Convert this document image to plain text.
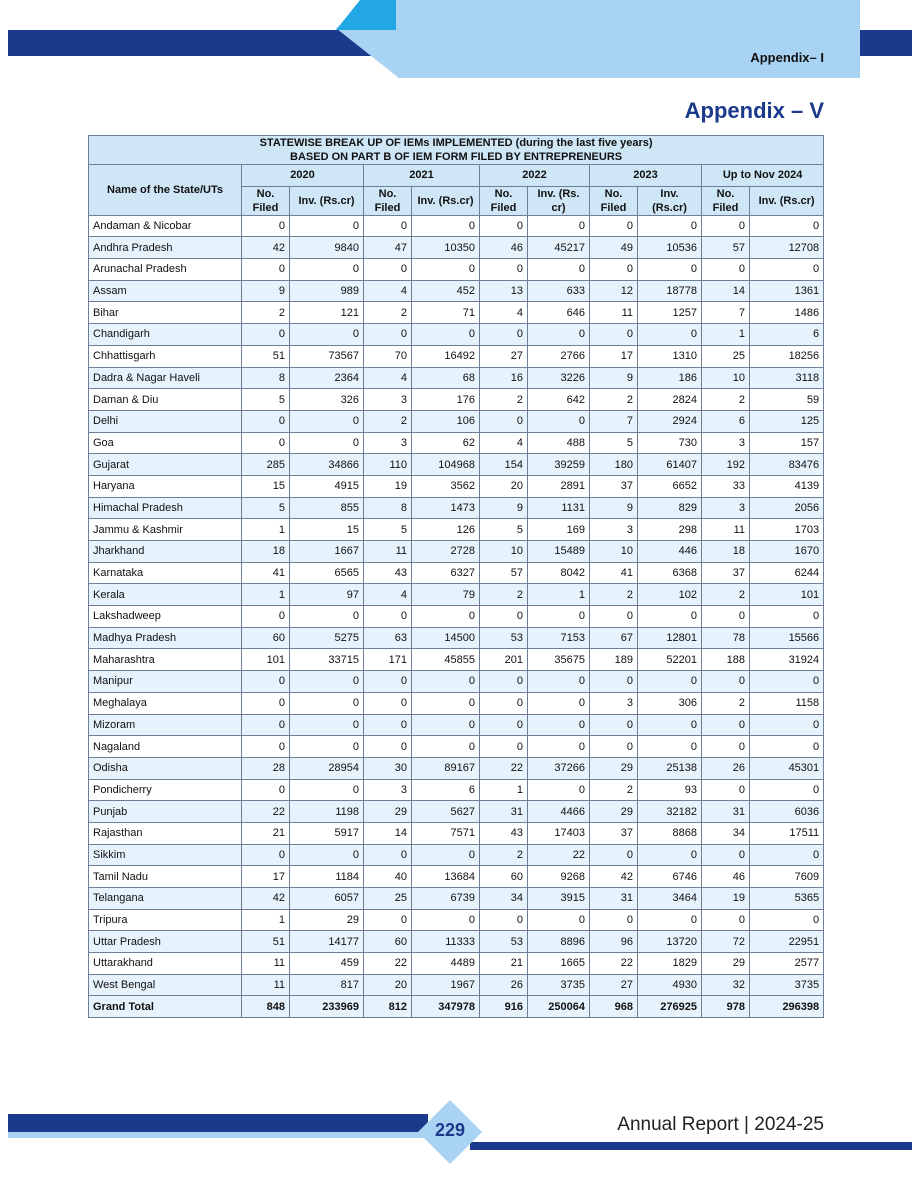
Appendix– I
Appendix – V
STATEWISE BREAK UP OF IEMs IMPLEMENTED (during the last five years)
BASED ON PART B OF IEM FORM FILED BY ENTREPRENEURS										

Name of the State/UTs	2020		2021		2022		2023		Up to Nov 2024	
	No. Filed	Inv. (Rs.cr)	No. Filed	Inv. (Rs.cr)	No. Filed	Inv. (Rs. cr)	No. Filed	Inv. (Rs.cr)	No. Filed	Inv. (Rs.cr)
Andaman & Nicobar	0	0	0	0	0	0	0	0	0	0
Andhra Pradesh	42	9840	47	10350	46	45217	49	10536	57	12708
Arunachal Pradesh	0	0	0	0	0	0	0	0	0	0
Assam	9	989	4	452	13	633	12	18778	14	1361
Bihar	2	121	2	71	4	646	11	1257	7	1486
Chandigarh	0	0	0	0	0	0	0	0	1	6
Chhattisgarh	51	73567	70	16492	27	2766	17	1310	25	18256
Dadra & Nagar Haveli	8	2364	4	68	16	3226	9	186	10	3118
Daman & Diu	5	326	3	176	2	642	2	2824	2	59
Delhi	0	0	2	106	0	0	7	2924	6	125
Goa	0	0	3	62	4	488	5	730	3	157
Gujarat	285	34866	110	104968	154	39259	180	61407	192	83476
Haryana	15	4915	19	3562	20	2891	37	6652	33	4139
Himachal Pradesh	5	855	8	1473	9	1131	9	829	3	2056
Jammu & Kashmir	1	15	5	126	5	169	3	298	11	1703
Jharkhand	18	1667	11	2728	10	15489	10	446	18	1670
Karnataka	41	6565	43	6327	57	8042	41	6368	37	6244
Kerala	1	97	4	79	2	1	2	102	2	101
Lakshadweep	0	0	0	0	0	0	0	0	0	0
Madhya Pradesh	60	5275	63	14500	53	7153	67	12801	78	15566
Maharashtra	101	33715	171	45855	201	35675	189	52201	188	31924
Manipur	0	0	0	0	0	0	0	0	0	0
Meghalaya	0	0	0	0	0	0	3	306	2	1158
Mizoram	0	0	0	0	0	0	0	0	0	0
Nagaland	0	0	0	0	0	0	0	0	0	0
Odisha	28	28954	30	89167	22	37266	29	25138	26	45301
Pondicherry	0	0	3	6	1	0	2	93	0	0
Punjab	22	1198	29	5627	31	4466	29	32182	31	6036
Rajasthan	21	5917	14	7571	43	17403	37	8868	34	17511
Sikkim	0	0	0	0	2	22	0	0	0	0
Tamil Nadu	17	1184	40	13684	60	9268	42	6746	46	7609
Telangana	42	6057	25	6739	34	3915	31	3464	19	5365
Tripura	1	29	0	0	0	0	0	0	0	0
Uttar Pradesh	51	14177	60	11333	53	8896	96	13720	72	22951
Uttarakhand	11	459	22	4489	21	1665	22	1829	29	2577
West Bengal	11	817	20	1967	26	3735	27	4930	32	3735
Grand Total	848	233969	812	347978	916	250064	968	276925	978	296398
229	Annual Report | 2024-25
